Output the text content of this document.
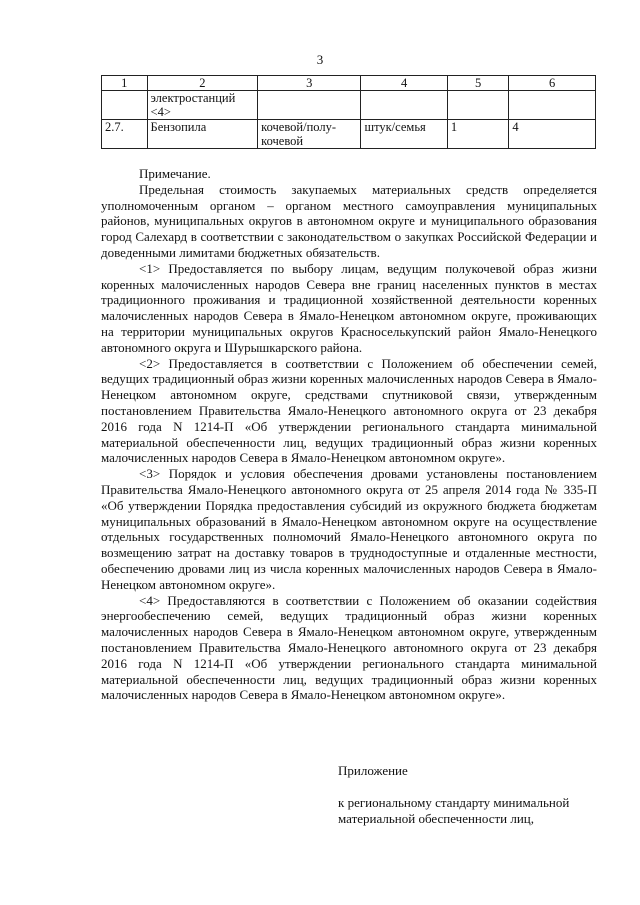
3
1	2	3	4	5	6
	электростанций <4>				
2.7.	Бензопила	кочевой/полу-кочевой	штук/семья	1	4

Примечание.

Предельная стоимость закупаемых материальных средств определяется уполномоченным органом – органом местного самоуправления муниципальных районов, муниципальных округов в автономном округе и муниципального образования город Салехард в соответствии с законодательством о закупках Российской Федерации и доведенными лимитами бюджетных обязательств.

<1> Предоставляется по выбору лицам, ведущим полукочевой образ жизни коренных малочисленных народов Севера вне границ населенных пунктов в местах традиционного проживания и традиционной хозяйственной деятельности коренных малочисленных народов Севера в Ямало-Ненецком автономном округе, проживающих на территории муниципальных округов Красноселькупский район Ямало-Ненецкого автономного округа и Шурышкарского района.

<2> Предоставляется в соответствии с Положением об обеспечении семей, ведущих традиционный образ жизни коренных малочисленных народов Севера в Ямало-Ненецком автономном округе, средствами спутниковой связи, утвержденным постановлением Правительства Ямало-Ненецкого автономного округа от 23 декабря 2016 года N 1214-П «Об утверждении регионального стандарта минимальной материальной обеспеченности лиц, ведущих традиционный образ жизни коренных малочисленных народов Севера в Ямало-Ненецком автономном округе».

<3> Порядок и условия обеспечения дровами установлены постановлением Правительства Ямало-Ненецкого автономного округа от 25 апреля 2014 года № 335-П «Об утверждении Порядка предоставления субсидий из окружного бюджета бюджетам муниципальных образований в Ямало-Ненецком автономном округе на осуществление отдельных государственных полномочий Ямало-Ненецкого автономного округа по возмещению затрат на доставку товаров в труднодоступные и отдаленные местности, обеспечению дровами лиц из числа коренных малочисленных народов Севера в Ямало-Ненецком автономном округе».

<4> Предоставляются в соответствии с Положением об оказании содействия энергообеспечению семей, ведущих традиционный образ жизни коренных малочисленных народов Севера в Ямало-Ненецком автономном округе, утвержденным постановлением Правительства Ямало-Ненецкого автономного округа от 23 декабря 2016 года N 1214-П «Об утверждении регионального стандарта минимальной материальной обеспеченности лиц, ведущих традиционный образ жизни коренных малочисленных народов Севера в Ямало-Ненецком автономном округе».

Приложение
к региональному стандарту минимальной материальной обеспеченности лиц,
